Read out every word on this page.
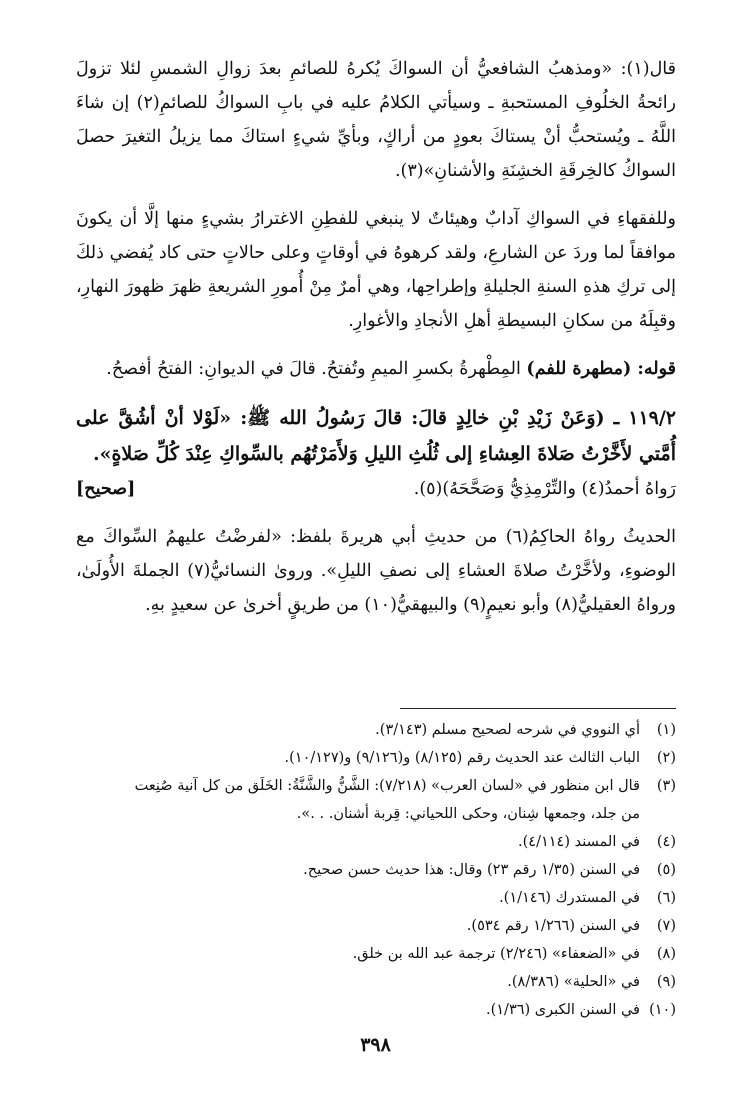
قال(١): «ومذهبُ الشافعيُّ أن السواكَ يُكرهُ للصائمِ بعدَ زوالِ الشمسِ لئلا تزولَ رائحةُ الخلُوفِ المستحبةِ ـ وسيأتي الكلامُ عليه في بابِ السواكُ للصائمِ(٢) إن شاءَ اللَّهُ ـ ويُستحبُّ أنْ يستاكَ بعودٍ من أراكٍ، وبأيِّ شيءٍ استاكَ مما يزيلُ التغيرَ حصلَ السواكُ كالخِرقَةِ الخشِنَةِ والأشنانِ»(٣).

وللفقهاءِ في السواكِ آدابٌ وهيئاتٌ لا ينبغي للفطِنِ الاغترارُ بشيءٍ منها إلَّا أن يكونَ موافقاً لما وردَ عن الشارعِ، ولقد كرهوهُ في أوقاتٍ وعلى حالاتٍ حتى كاد يُفضي ذلكَ إلى تركِ هذهِ السنةِ الجليلةِ وإطراحِها، وهي أمرٌ مِنْ أُمورِ الشريعةِ ظهرَ ظهورَ النهارِ، وقبِلَهُ من سكانِ البسيطةِ أهلِ الأنجادِ والأغوارِ.

قوله: (مطهرة للفم) المِطْهرةُ بكسرِ الميمِ وتُفتحُ. قالَ في الديوانِ: الفتحُ أفصحُ.

١١٩/٢ ـ (وَعَنْ زَيْدِ بْنِ خالِدٍ قالَ: قالَ رَسُولُ الله ﷺ: «لَوْلا أنْ أشُقَّ على أُمَّتي لأَخَّرْتُ صَلاةَ العِشاءِ إلى ثُلُثِ الليلِ وَلأَمَرْتُهُم بالسِّواكِ عِنْدَ كُلِّ صَلاةٍ».

رَواهُ أحمدُ(٤) والتِّرْمِذِيُّ وَصَحَّحَهُ)(٥).
[صحيح]

الحديثُ رواهُ الحاكِمُ(٦) من حديثِ أبي هريرةَ بلفظ: «لفرضْتُ عليهمُ السِّواكَ مع الوضوءِ، ولأخَّرْتُ صلاةَ العشاءِ إلى نصفِ الليلِ». وروىٰ النسائيُّ(٧) الجملةَ الأُولَىٰ، ورواهُ العقيليُّ(٨) وأبو نعيمٍ(٩) والبيهقيُّ(١٠) من طريقٍ أخرىٰ عن سعيدٍ بهِ.

(١)
أي النووي في شرحه لصحيح مسلم (٣/١٤٣).
(٢)
الباب الثالث عند الحديث رقم (٨/١٢٥) و(٩/١٢٦) و(١٠/١٢٧).
(٣)
قال ابن منظور في «لسان العرب» (٧/٢١٨): الشَّنُّ والشَّنَّةُ: الخَلَق من كل آنية صُنِعت
من جلد، وجمعها شِنان، وحكى اللحياني: قِربة أشنان. . .».
(٤)
في المسند (٤/١١٤).
(٥)
في السنن (١/٣٥ رقم ٢٣) وقال: هذا حديث حسن صحيح.
(٦)
في المستدرك (١/١٤٦).
(٧)
في السنن (١/٢٦٦ رقم ٥٣٤).
(٨)
في «الضعفاء» (٢/٢٤٦) ترجمة عبد الله بن خلق.
(٩)
في «الحلية» (٨/٣٨٦).
(١٠)
في السنن الكبرى (١/٣٦).
٣٩٨
